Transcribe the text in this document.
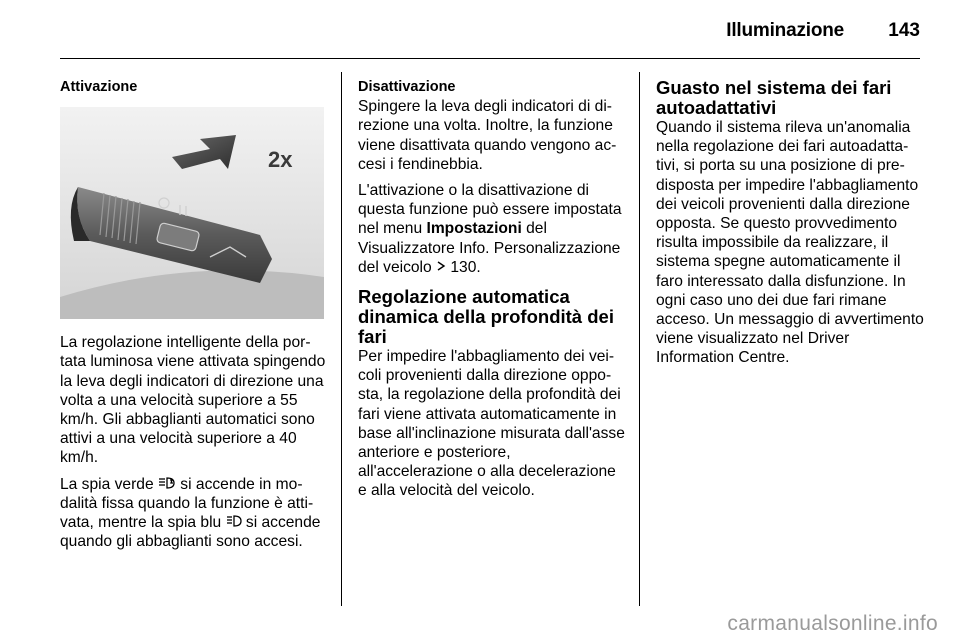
Illuminazione 143

Attivazione

2x

La regolazione intelligente della portata luminosa viene attivata spingendo la leva degli indicatori di direzione una volta a una velocità superiore a 55 km/h. Gli abbaglianti automatici sono attivi a una velocità superiore a 40 km/h.

La spia verde  si accende in modalità fissa quando la funzione è attivata, mentre la spia blu  si accende quando gli abbaglianti sono accesi.

Disattivazione

Spingere la leva degli indicatori di direzione una volta. Inoltre, la funzione viene disattivata quando vengono accesi i fendinebbia.

L'attivazione o la disattivazione di questa funzione può essere impostata nel menu Impostazioni del Visualizzatore Info. Personalizzazione del veicolo  130.

Regolazione automatica dinamica della profondità dei fari

Per impedire l'abbagliamento dei veicoli provenienti dalla direzione opposta, la regolazione della profondità dei fari viene attivata automaticamente in base all'inclinazione misurata dall'asse anteriore e posteriore, all'accelerazione o alla decelerazione e alla velocità del veicolo.

Guasto nel sistema dei fari autoadattativi

Quando il sistema rileva un'anomalia nella regolazione dei fari autoadattativi, si porta su una posizione di predisposta per impedire l'abbagliamento dei veicoli provenienti dalla direzione opposta. Se questo provvedimento risulta impossibile da realizzare, il sistema spegne automaticamente il faro interessato dalla disfunzione. In ogni caso uno dei due fari rimane acceso. Un messaggio di avvertimento viene visualizzato nel Driver Information Centre.

carmanualsonline.info
